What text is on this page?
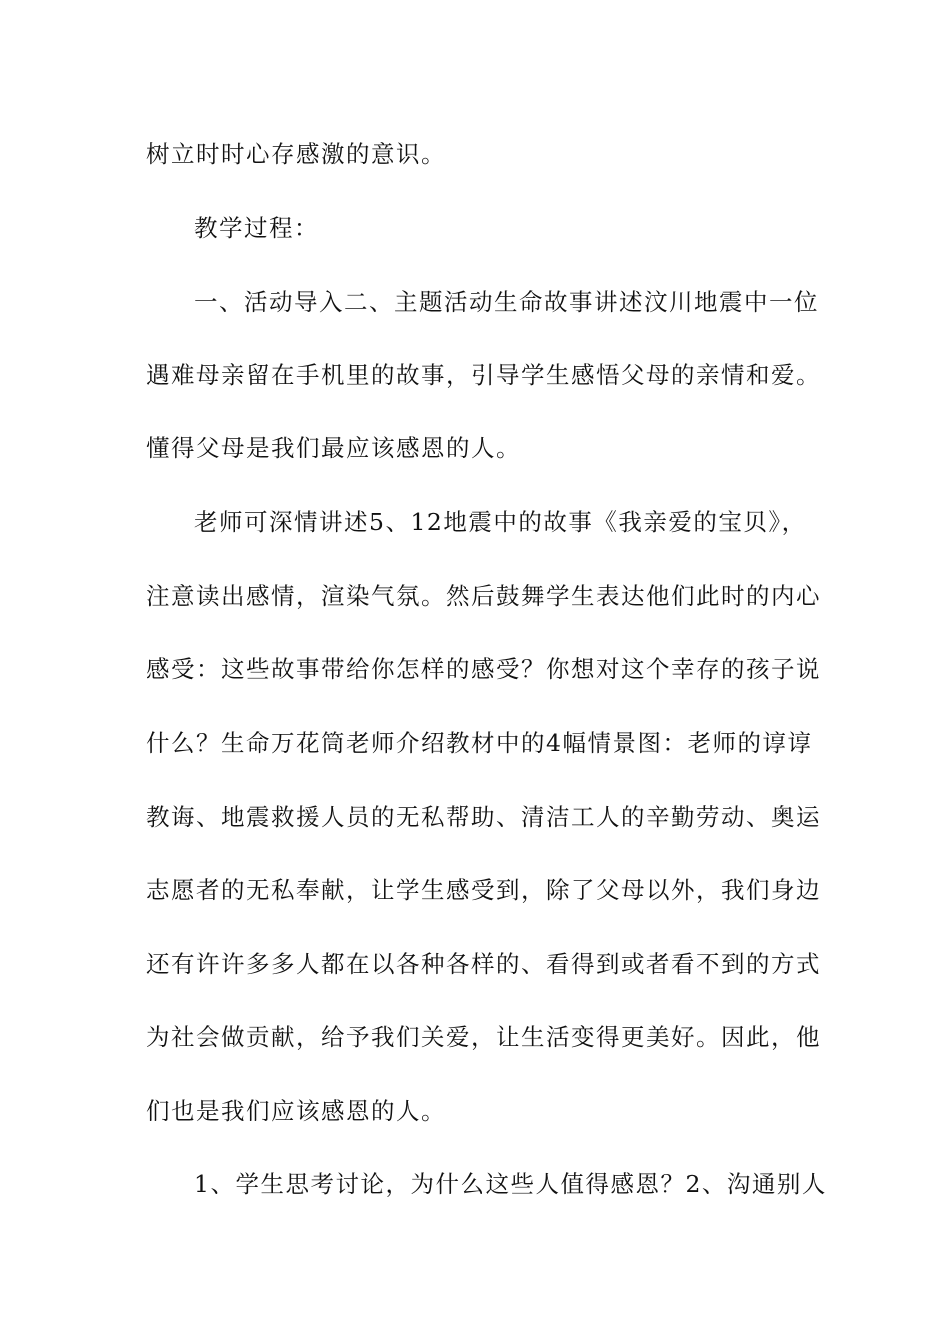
树立时时心存感激的意识。
教学过程：
一、活动导入二、主题活动生命故事讲述汶川地震中一位
遇难母亲留在手机里的故事，引导学生感悟父母的亲情和爱。
懂得父母是我们最应该感恩的人。
老师可深情讲述5、12地震中的故事《我亲爱的宝贝》，
注意读出感情，渲染气氛。然后鼓舞学生表达他们此时的内心
感受：这些故事带给你怎样的感受？你想对这个幸存的孩子说
什么？生命万花筒老师介绍教材中的4幅情景图：老师的谆谆
教诲、地震救援人员的无私帮助、清洁工人的辛勤劳动、奥运
志愿者的无私奉献，让学生感受到，除了父母以外，我们身边
还有许许多多人都在以各种各样的、看得到或者看不到的方式
为社会做贡献，给予我们关爱，让生活变得更美好。因此，他
们也是我们应该感恩的人。
1、学生思考讨论，为什么这些人值得感恩？2、沟通别人
